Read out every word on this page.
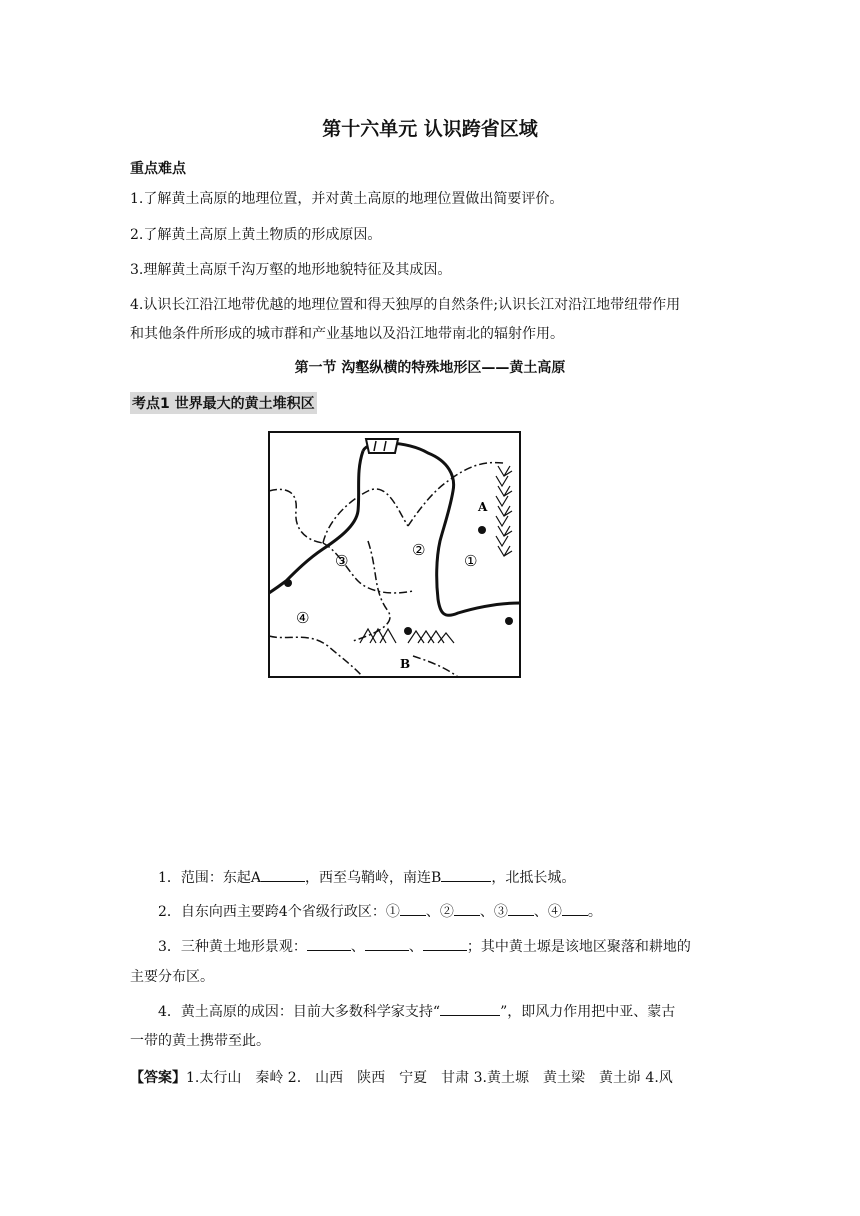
第十六单元 认识跨省区域
重点难点
1.了解黄土高原的地理位置，并对黄土高原的地理位置做出简要评价。
2.了解黄土高原上黄土物质的形成原因。
3.理解黄土高原千沟万壑的地形地貌特征及其成因。
4.认识长江沿江地带优越的地理位置和得天独厚的自然条件;认识长江对沿江地带纽带作用
和其他条件所形成的城市群和产业基地以及沿江地带南北的辐射作用。
第一节 沟壑纵横的特殊地形区——黄土高原
考点1 世界最大的黄土堆积区
A
B
①
②
③
④
1．范围：东起A	，西至乌鞘岭，南连B	，北抵长城。
2．自东向西主要跨4个省级行政区：① 、② 、③ 、④ 。
3．三种黄土地形景观：	、	、	；其中黄土塬是该地区聚落和耕地的
主要分布区。
4．黄土高原的成因：目前大多数科学家支持“	”，即风力作用把中亚、蒙古
一带的黄土携带至此。
【答案】1.太行山　秦岭 2.　山西　陕西　宁夏　甘肃 3.黄土塬　黄土梁　黄土峁 4.风
